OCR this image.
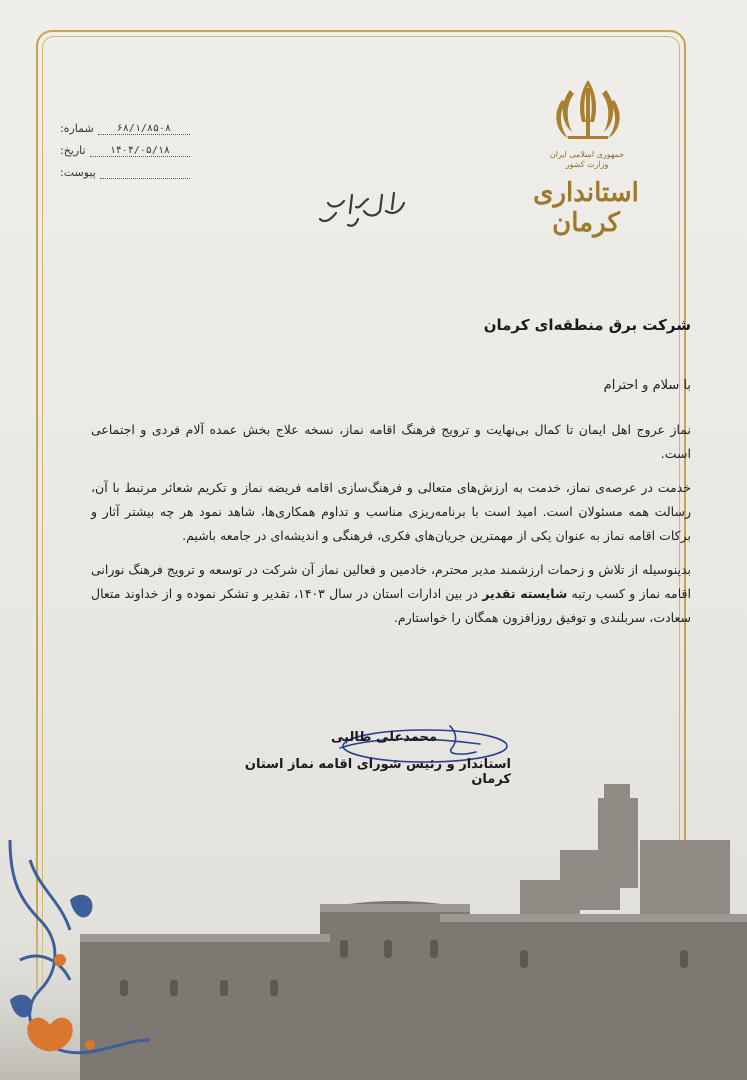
جمهوری اسلامی ایران
وزارت کشور
استانداری کرمان
شماره:	۶۸/۱/۸۵۰۸
تاریخ:	۱۴۰۴/۰۵/۱۸
پیوست:
شرکت برق منطقه‌ای کرمان
با سلام و احترام

نماز عروج اهل ایمان تا کمال بی‌نهایت و ترویج فرهنگ اقامه نماز، نسخه علاج بخش عمده آلام فردی و اجتماعی است.

خدمت در عرصه‌ی نماز، خدمت به ارزش‌های متعالی و فرهنگ‌سازی اقامه فریضه نماز و تکریم شعائر مرتبط با آن، رسالت همه مسئولان است. امید است با برنامه‌ریزی مناسب و تداوم همکاری‌ها، شاهد نمود هر چه بیشتر آثار و برکات اقامه نماز به عنوان یکی از مهمترین جریان‌های فکری، فرهنگی و اندیشه‌ای در جامعه باشیم.

بدینوسیله از تلاش و زحمات ارزشمند مدیر محترم، خادمین و فعالین نماز آن شرکت در توسعه و ترویج فرهنگ نورانی اقامه نماز و کسب رتبه شایسته تقدیر در بین ادارات استان در سال ۱۴۰۳، تقدیر و تشکر نموده و از خداوند متعال سعادت، سربلندی و توفیق روزافزون همگان را خواستارم.

محمدعلی طالبی
استاندار و رئیس شورای اقامه نماز استان کرمان
